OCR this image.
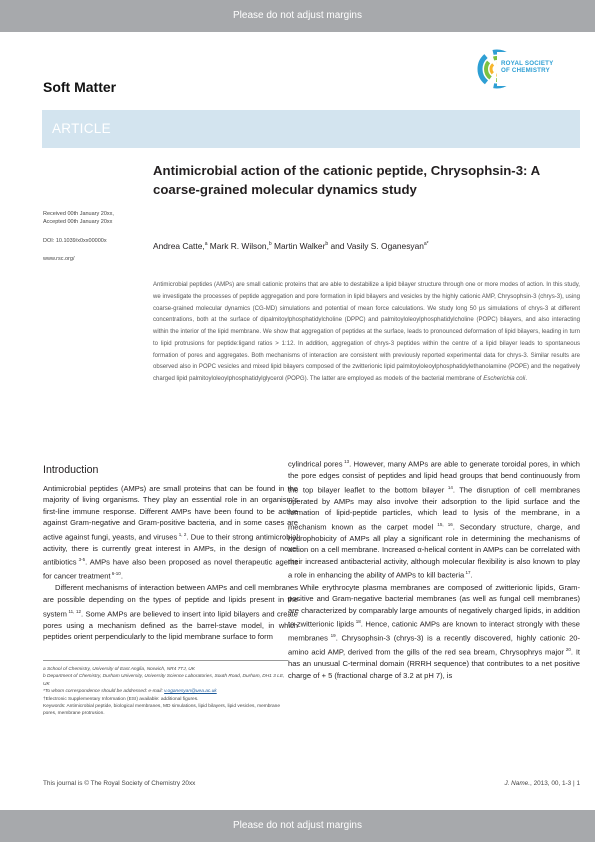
Please do not adjust margins
Soft Matter
ROYAL SOCIETY
OF CHEMISTRY
ARTICLE
Antimicrobial action of the cationic peptide, Chrysophsin-3: A coarse-grained molecular dynamics study
Received 00th January 20xx,
Accepted 00th January 20xx
DOI: 10.1039/x0xx00000x
www.rsc.org/
Andrea Catte,$^a$ Mark R. Wilson,$^b$ Martin Walker$^b$ and Vasily S. Oganesyan$^{a*}$
Antimicrobial peptides (AMPs) are small cationic proteins that are able to destabilize a lipid bilayer structure through one or more modes of action. In this study, we investigate the processes of peptide aggregation and pore formation in lipid bilayers and vesicles by the highly cationic AMP, Chrysophsin-3 (chrys-3), using coarse-grained molecular dynamics (CG-MD) simulations and potential of mean force calculations. We study long 50 μs simulations of chrys-3 at different concentrations, both at the surface of dipalmitoylphosphatidylcholine (DPPC) and palmitoyloleoylphosphatidylcholine (POPC) bilayers, and also interacting within the interior of the lipid membrane. We show that aggregation of peptides at the surface, leads to pronounced deformation of lipid bilayers, leading in turn to lipid protrusions for peptide:ligand ratios > 1:12. In addition, aggregation of chrys-3 peptides within the centre of a lipid bilayer leads to spontaneous formation of pores and aggregates. Both mechanisms of interaction are consistent with previously reported experimental data for chrys-3. Similar results are observed also in POPC vesicles and mixed lipid bilayers composed of the zwitterionic lipid palmitoyloleoylphosphatidylethanolamine (POPE) and the negatively charged lipid palmitoyloleoylphosphatidylglycerol (POPG). The latter are employed as models of the bacterial membrane of Escherichia coli.
Introduction

Antimicrobial peptides (AMPs) are small proteins that can be found in the majority of living organisms. They play an essential role in an organism's first-line immune response. Different AMPs have been found to be active against Gram-negative and Gram-positive bacteria, and in some cases are active against fungi, yeasts, and viruses $^{1, 2}$. Due to their strong antimicrobial activity, there is currently great interest in AMPs, in the design of novel antibiotics $^{3-5}$. AMPs have also been proposed as novel therapeutic agents for cancer treatment $^{6-10}$.

Different mechanisms of interaction between AMPs and cell membranes are possible depending on the types of peptide and lipids present in the system $^{11, 12}$. Some AMPs are believed to insert into lipid bilayers and create pores using a mechanism defined as the barrel-stave model, in which peptides orient perpendicularly to the lipid membrane surface to form

cylindrical pores $^{13}$. However, many AMPs are able to generate toroidal pores, in which the pore edges consist of peptides and lipid head groups that bend continuously from the top bilayer leaflet to the bottom bilayer $^{14}$. The disruption of cell membranes operated by AMPs may also involve their adsorption to the lipid surface and the formation of lipid-peptide particles, which lead to lysis of the membrane, in a mechanism known as the carpet model $^{15, 16}$. Secondary structure, charge, and hydrophobicity of AMPs all play a significant role in determining the mechanisms of action on a cell membrane. Increased α-helical content in AMPs can be correlated with their increased antibacterial activity, although molecular flexibility is also known to play a role in enhancing the ability of AMPs to kill bacteria $^{17}$.

While erythrocyte plasma membranes are composed of zwitterionic lipids, Gram-positive and Gram-negative bacterial membranes (as well as fungal cell membranes) are characterized by comparably large amounts of negatively charged lipids, in addition to zwitterionic lipids $^{18}$. Hence, cationic AMPs are known to interact strongly with these membranes $^{19}$. Chrysophsin-3 (chrys-3) is a recently discovered, highly cationic 20-amino acid AMP, derived from the gills of the red sea bream, Chrysophrys major $^{20}$. It has an unusual C-terminal domain (RRRH sequence) that contributes to a net positive charge of + 5 (fractional charge of 3.2 at pH 7), is

a School of Chemistry, University of East Anglia, Norwich, NR4 7TJ, UK
b Department of Chemistry, Durham University, University Science Laboratories, South Road, Durham, DH1 3 LE, UK
*To whom correspondence should be addressed: e-mail: v.oganesyan@uea.ac.uk
†Electronic Supplementary Information (ESI) available: additional figures.
Keywords: Antimicrobial peptide, biological membranes, MD simulations, lipid bilayers, lipid vesicles, membrane pores, membrane protrusion.
This journal is © The Royal Society of Chemistry 20xx	J. Name., 2013, 00, 1-3 | 1
Please do not adjust margins
